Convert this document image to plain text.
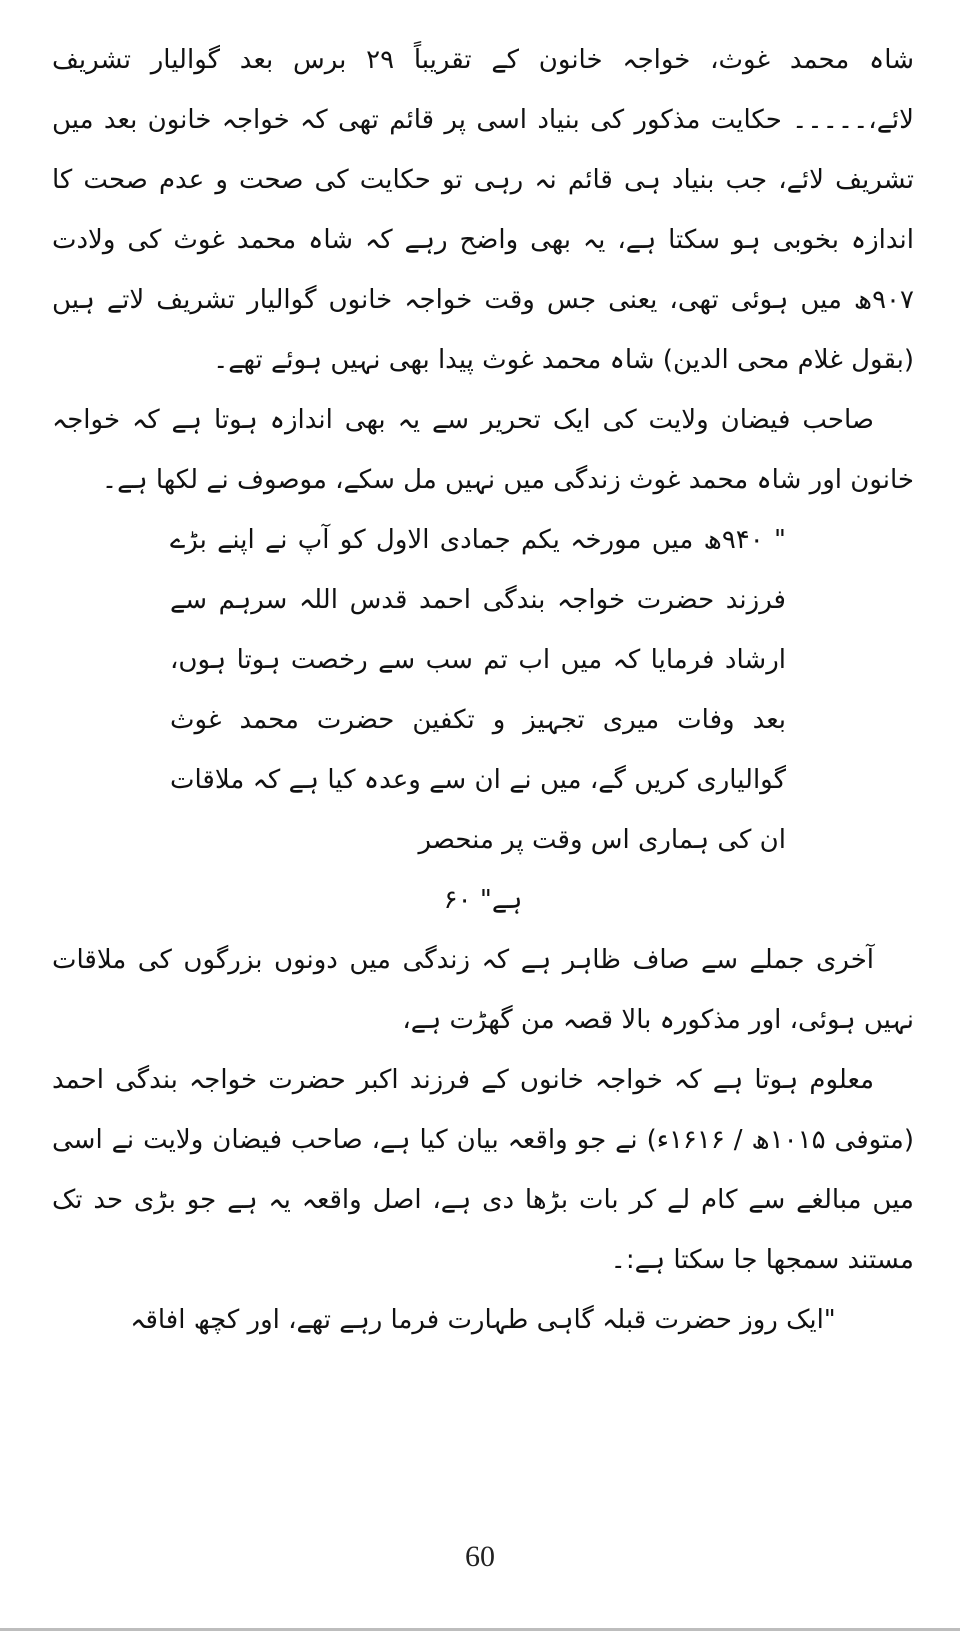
شاہ محمد غوث، خواجہ خانون کے تقریباً ۲۹ برس بعد گوالیار تشریف لائے،۔۔۔۔۔ حکایت مذکور کی بنیاد اسی پر قائم تھی کہ خواجہ خانون بعد میں تشریف لائے، جب بنیاد ہی قائم نہ رہی تو حکایت کی صحت و عدم صحت کا اندازہ بخوبی ہو سکتا ہے، یہ بھی واضح رہے کہ شاہ محمد غوث کی ولادت ۹۰۷ھ میں ہوئی تھی، یعنی جس وقت خواجہ خانوں گوالیار تشریف لاتے ہیں (بقول غلام محی الدین) شاہ محمد غوث پیدا بھی نہیں ہوئے تھے۔

صاحب فیضان ولایت کی ایک تحریر سے یہ بھی اندازہ ہوتا ہے کہ خواجہ خانون اور شاہ محمد غوث زندگی میں نہیں مل سکے، موصوف نے لکھا ہے۔

" ۹۴۰ھ میں مورخہ یکم جمادی الاول کو آپ نے اپنے بڑے فرزند حضرت خواجہ بندگی احمد قدس اللہ سرہم سے ارشاد فرمایا کہ میں اب تم سب سے رخصت ہوتا ہوں، بعد وفات میری تجہیز و تکفین حضرت محمد غوث گوالیاری کریں گے، میں نے ان سے وعدہ کیا ہے کہ ملاقات ان کی ہماری اس وقت پر منحصر

ہے" ۶۰

آخری جملے سے صاف ظاہر ہے کہ زندگی میں دونوں بزرگوں کی ملاقات نہیں ہوئی، اور مذکورہ بالا قصہ من گھڑت ہے،

معلوم ہوتا ہے کہ خواجہ خانوں کے فرزند اکبر حضرت خواجہ بندگی احمد (متوفی ۱۰۱۵ھ / ۱۶۱۶ء) نے جو واقعہ بیان کیا ہے، صاحب فیضان ولایت نے اسی میں مبالغے سے کام لے کر بات بڑھا دی ہے، اصل واقعہ یہ ہے جو بڑی حد تک مستند سمجھا جا سکتا ہے:۔

"ایک روز حضرت قبلہ گاہی طہارت فرما رہے تھے، اور کچھ افاقہ

60
